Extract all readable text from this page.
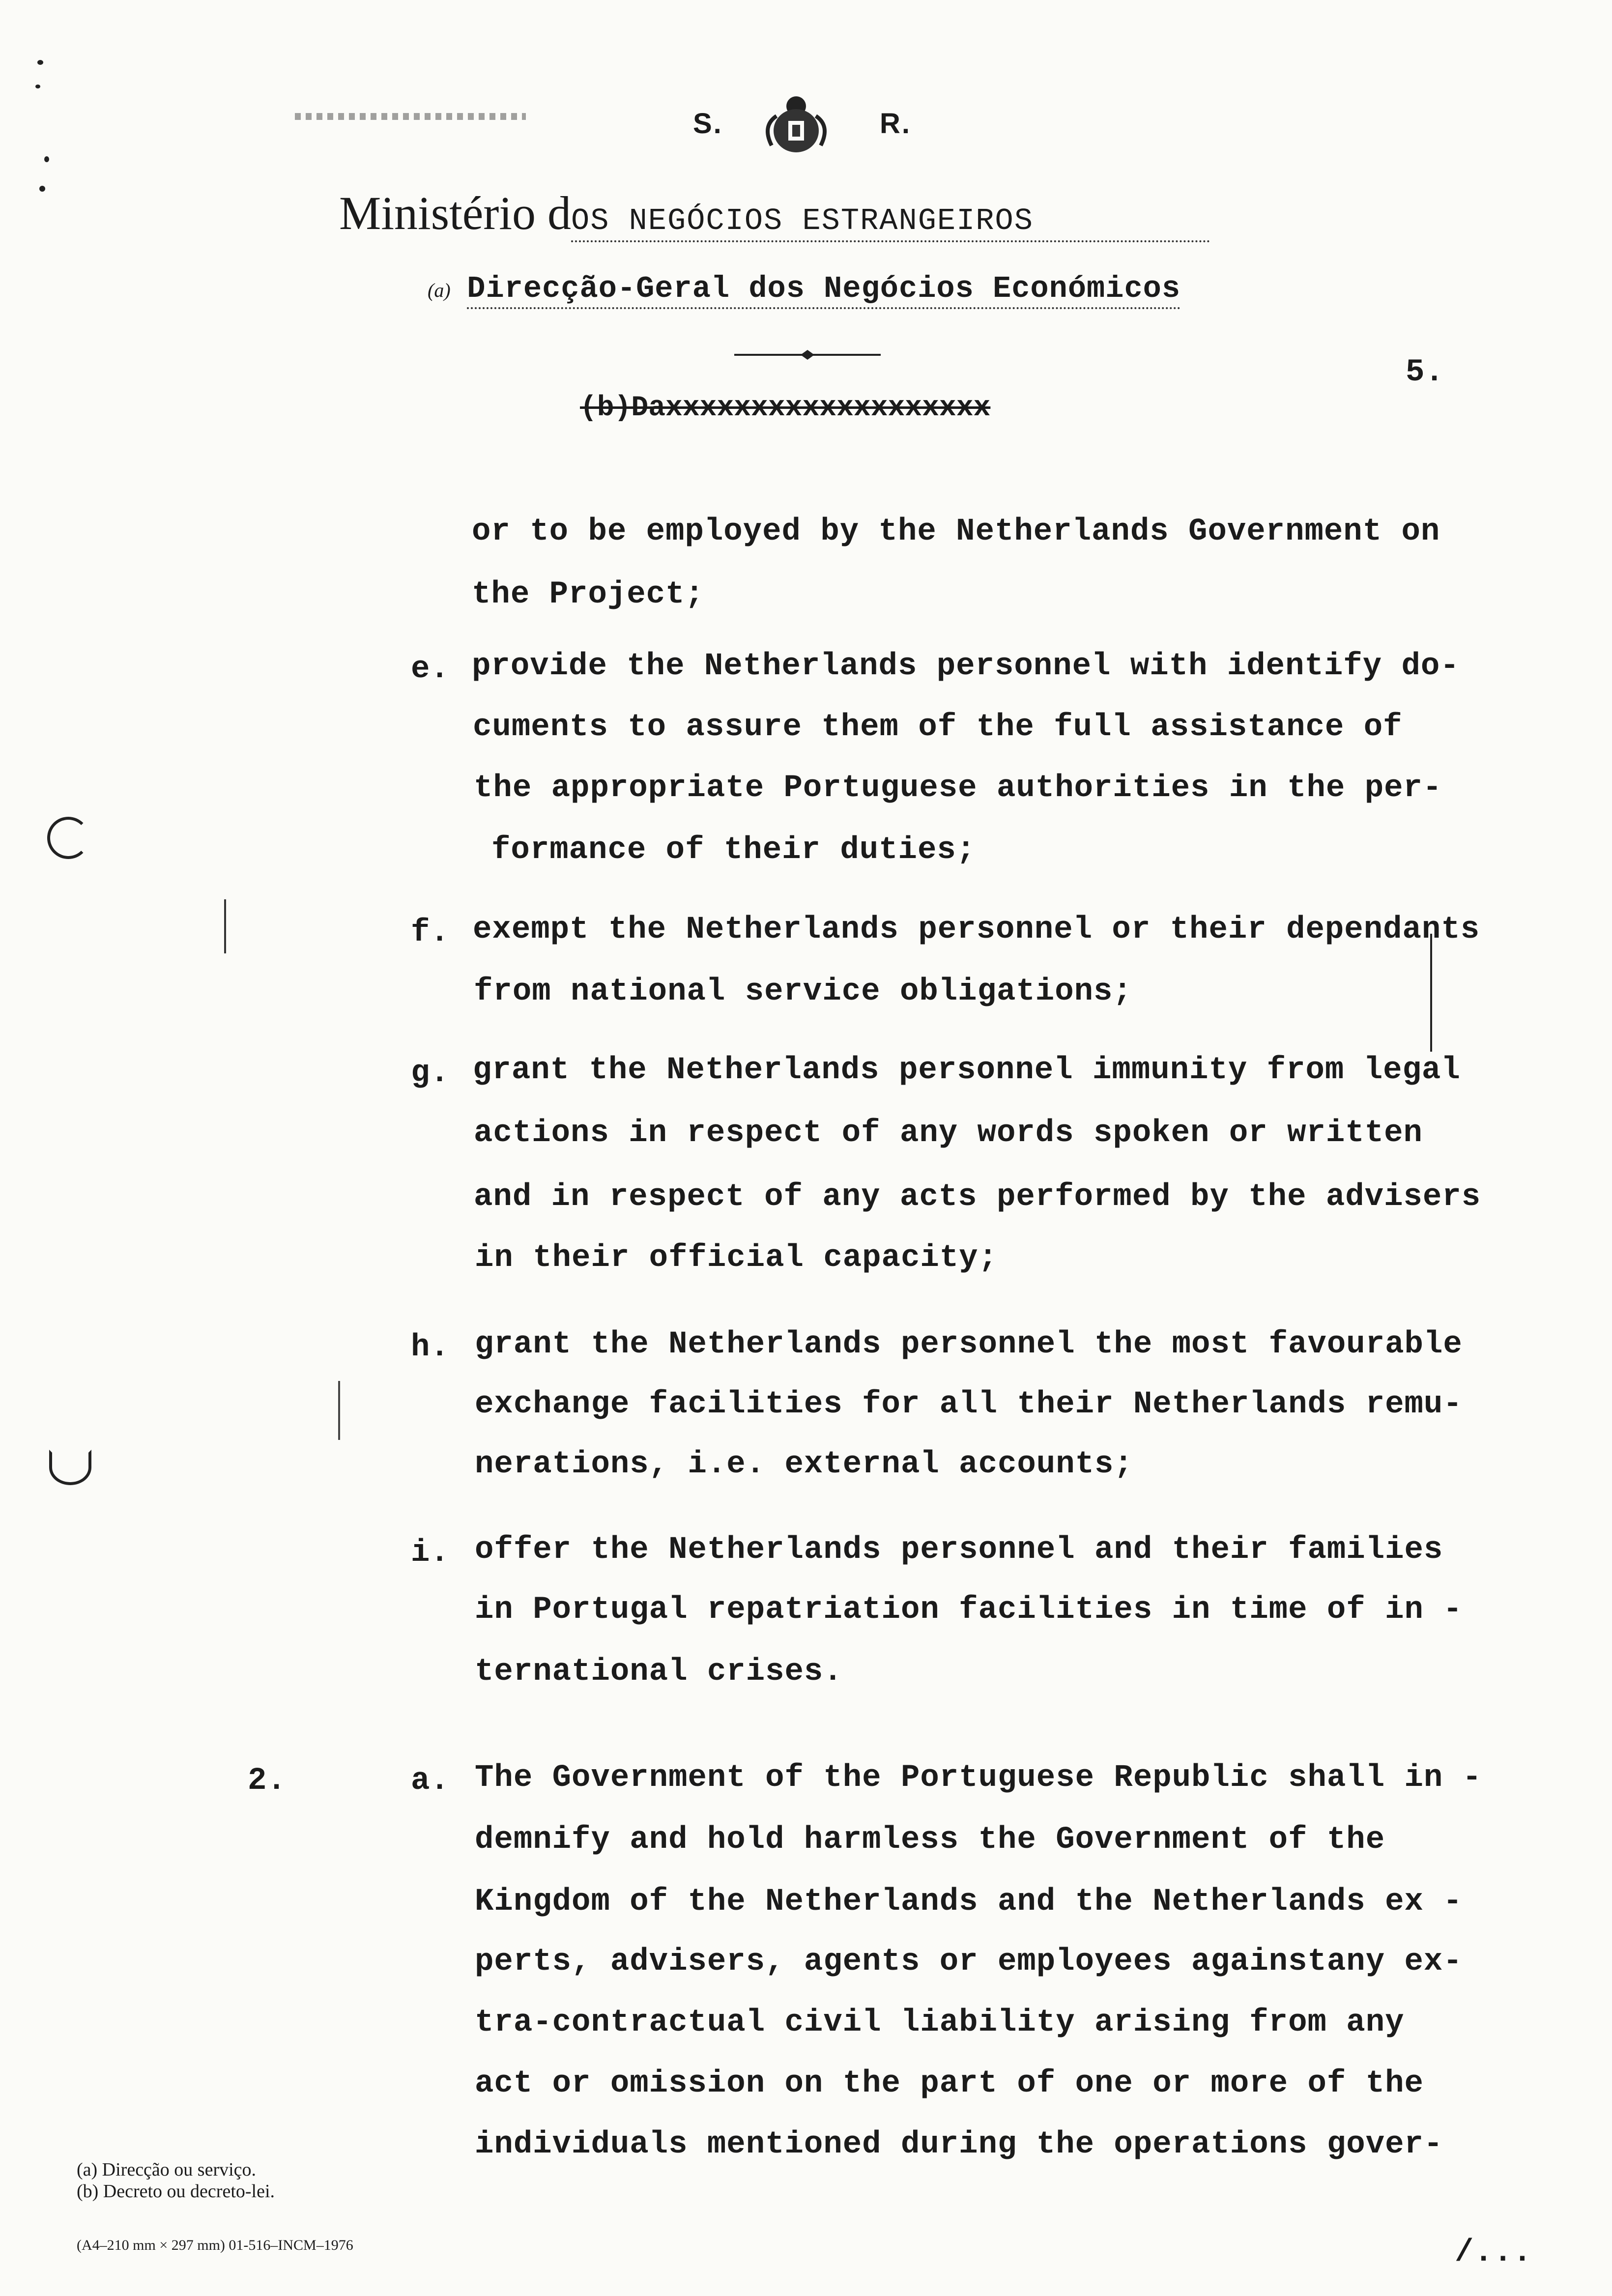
S.	R.
Ministério dOS NEGÓCIOS ESTRANGEIROS
(a) Direcção-Geral dos Negócios Económicos
(b)Daxxxxxxxxxxxxxxxxxxx
5.
or to be employed by the Netherlands Government on
the Project;
e. provide the Netherlands personnel with identify do-
cuments to assure them of the full assistance of
the appropriate Portuguese authorities in the per-
formance of their duties;
f. exempt the Netherlands personnel or their dependants
from national service obligations;
g. grant the Netherlands personnel immunity from legal
actions in respect of any words spoken or written
and in respect of any acts performed by the advisers
in their official capacity;
h. grant the Netherlands personnel the most favourable
exchange facilities for all their Netherlands remu-
nerations, i.e. external accounts;
i. offer the Netherlands personnel and their families
in Portugal repatriation facilities in time of in -
ternational crises.
2.	a. The Government of the Portuguese Republic shall in -
demnify and hold harmless the Government of the
Kingdom of the Netherlands and the Netherlands ex -
perts, advisers, agents or employees againstany ex-
tra-contractual civil liability arising from any
act or omission on the part of one or more of the
individuals mentioned during the operations gover-
(a) Direcção ou serviço.
(b) Decreto ou decreto-lei.
(A4–210 mm × 297 mm) 01-516–INCM–1976	/...
